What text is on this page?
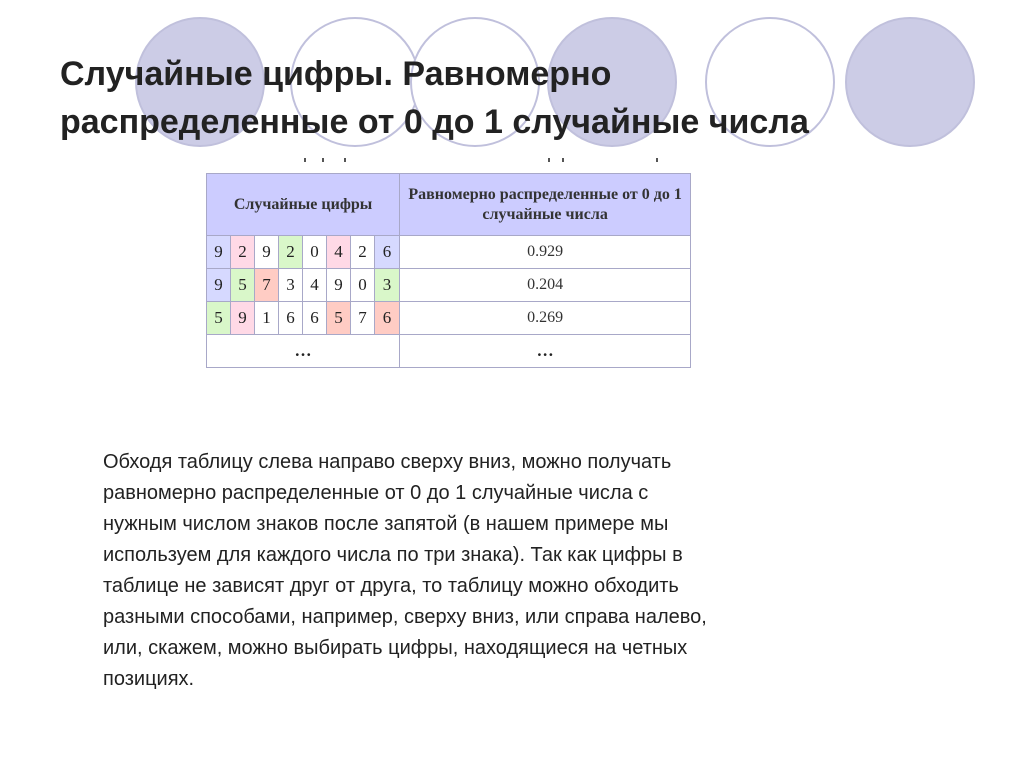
Случайные цифры. Равномерно
распределенные от 0 до 1 случайные числа
Случайные цифры								Равномерно распределенные от 0 до 1 случайные числа
9	2	9	2	0	4	2	6	0.929
9	5	7	3	4	9	0	3	0.204
5	9	1	6	6	5	7	6	0.269
…								…
Обходя таблицу слева направо сверху вниз, можно получать
равномерно распределенные от 0 до 1 случайные числа с
нужным числом знаков после запятой (в нашем примере мы
используем для каждого числа по три знака). Так как цифры в
таблице не зависят друг от друга, то таблицу можно обходить
разными способами, например, сверху вниз, или справа налево,
или, скажем, можно выбирать цифры, находящиеся на четных
позициях.
